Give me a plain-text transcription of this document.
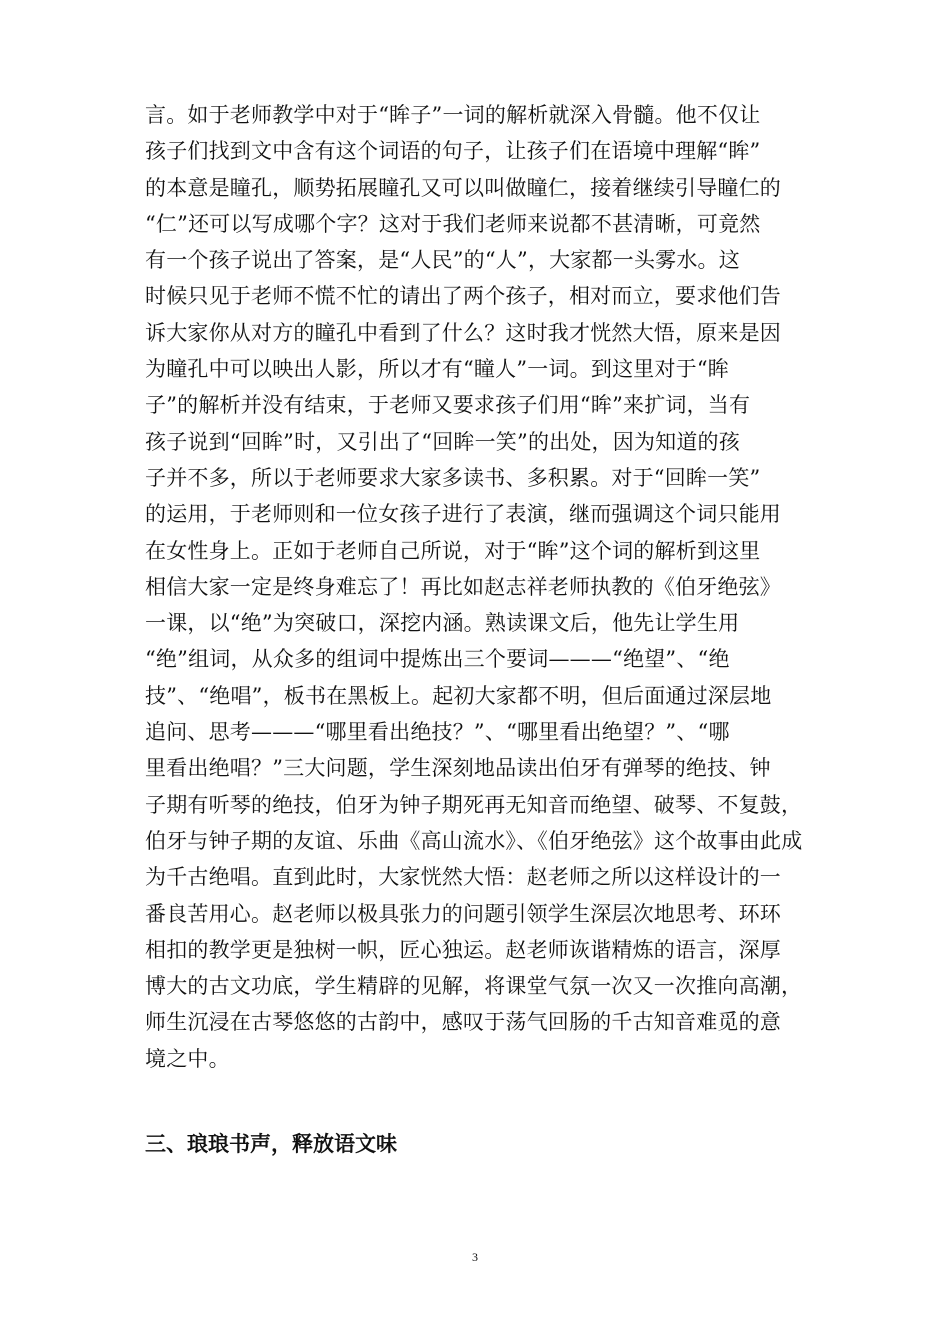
言。如于老师教学中对于“眸子”一词的解析就深入骨髓。他不仅让
孩子们找到文中含有这个词语的句子，让孩子们在语境中理解“眸”
的本意是瞳孔，顺势拓展瞳孔又可以叫做瞳仁，接着继续引导瞳仁的
“仁”还可以写成哪个字？这对于我们老师来说都不甚清晰，可竟然
有一个孩子说出了答案，是“人民”的“人”，大家都一头雾水。这
时候只见于老师不慌不忙的请出了两个孩子，相对而立，要求他们告
诉大家你从对方的瞳孔中看到了什么？这时我才恍然大悟，原来是因
为瞳孔中可以映出人影，所以才有“瞳人”一词。到这里对于“眸
子”的解析并没有结束，于老师又要求孩子们用“眸”来扩词，当有
孩子说到“回眸”时，又引出了“回眸一笑”的出处，因为知道的孩
子并不多，所以于老师要求大家多读书、多积累。对于“回眸一笑”
的运用，于老师则和一位女孩子进行了表演，继而强调这个词只能用
在女性身上。正如于老师自己所说，对于“眸”这个词的解析到这里
相信大家一定是终身难忘了！再比如赵志祥老师执教的《伯牙绝弦》
一课，以“绝”为突破口，深挖内涵。熟读课文后，他先让学生用
“绝”组词，从众多的组词中提炼出三个要词———“绝望”、“绝
技”、“绝唱”，板书在黑板上。起初大家都不明，但后面通过深层地
追问、思考———“哪里看出绝技？”、“哪里看出绝望？”、“哪
里看出绝唱？”三大问题，学生深刻地品读出伯牙有弹琴的绝技、钟
子期有听琴的绝技，伯牙为钟子期死再无知音而绝望、破琴、不复鼓，
伯牙与钟子期的友谊、乐曲《高山流水》、《伯牙绝弦》这个故事由此成
为千古绝唱。直到此时，大家恍然大悟：赵老师之所以这样设计的一
番良苦用心。赵老师以极具张力的问题引领学生深层次地思考、环环
相扣的教学更是独树一帜，匠心独运。赵老师诙谐精炼的语言，深厚
博大的古文功底，学生精辟的见解，将课堂气氛一次又一次推向高潮，
师生沉浸在古琴悠悠的古韵中，感叹于荡气回肠的千古知音难觅的意
境之中。
三、琅琅书声，释放语文味
3
